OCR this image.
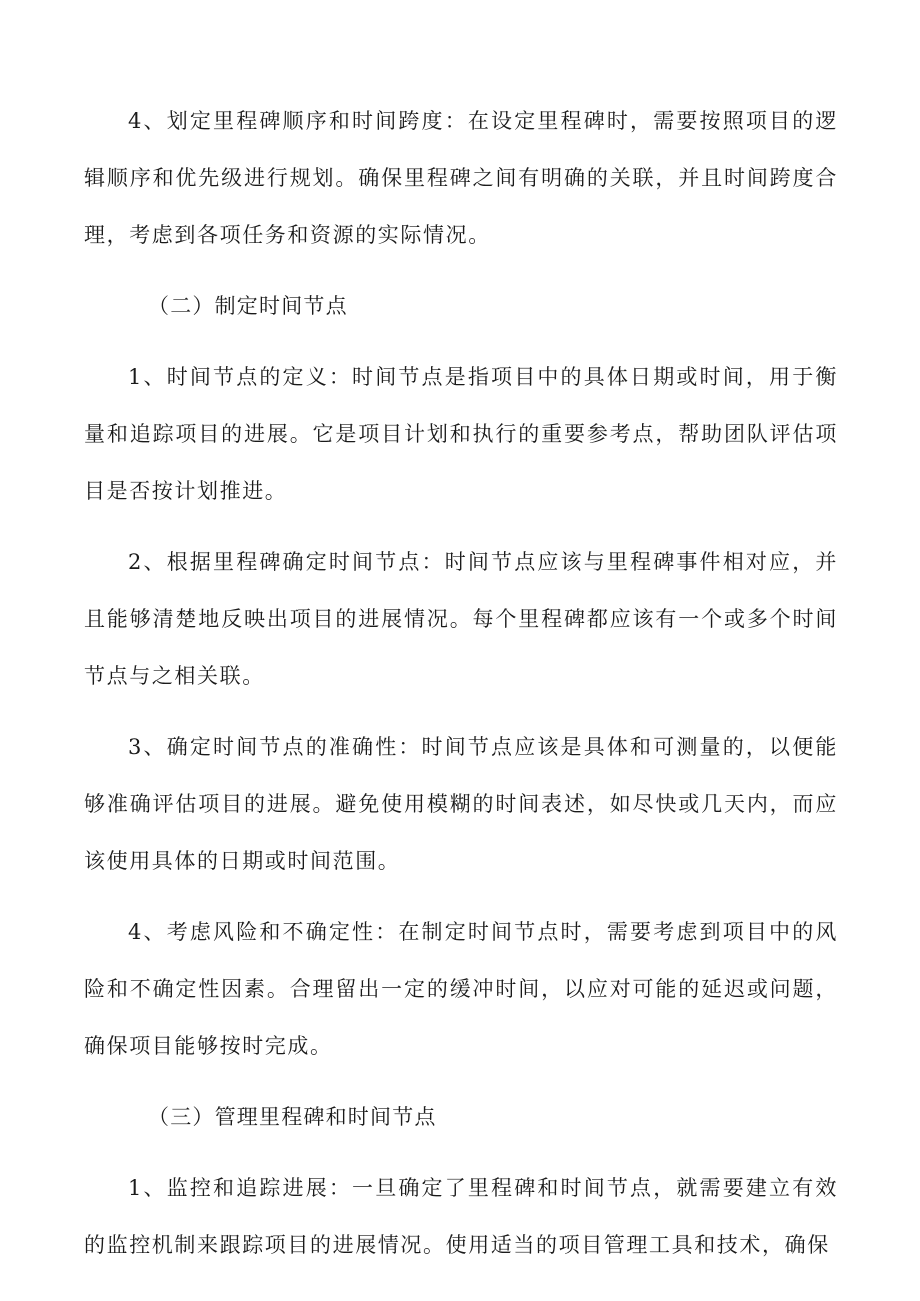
4、划定里程碑顺序和时间跨度：在设定里程碑时，需要按照项目的逻辑顺序和优先级进行规划。确保里程碑之间有明确的关联，并且时间跨度合理，考虑到各项任务和资源的实际情况。

（二）制定时间节点

1、时间节点的定义：时间节点是指项目中的具体日期或时间，用于衡量和追踪项目的进展。它是项目计划和执行的重要参考点，帮助团队评估项目是否按计划推进。

2、根据里程碑确定时间节点：时间节点应该与里程碑事件相对应，并且能够清楚地反映出项目的进展情况。每个里程碑都应该有一个或多个时间节点与之相关联。

3、确定时间节点的准确性：时间节点应该是具体和可测量的，以便能够准确评估项目的进展。避免使用模糊的时间表述，如尽快或几天内，而应该使用具体的日期或时间范围。

4、考虑风险和不确定性：在制定时间节点时，需要考虑到项目中的风险和不确定性因素。合理留出一定的缓冲时间，以应对可能的延迟或问题，确保项目能够按时完成。

（三）管理里程碑和时间节点

1、监控和追踪进展：一旦确定了里程碑和时间节点，就需要建立有效的监控机制来跟踪项目的进展情况。使用适当的项目管理工具和技术，确保
